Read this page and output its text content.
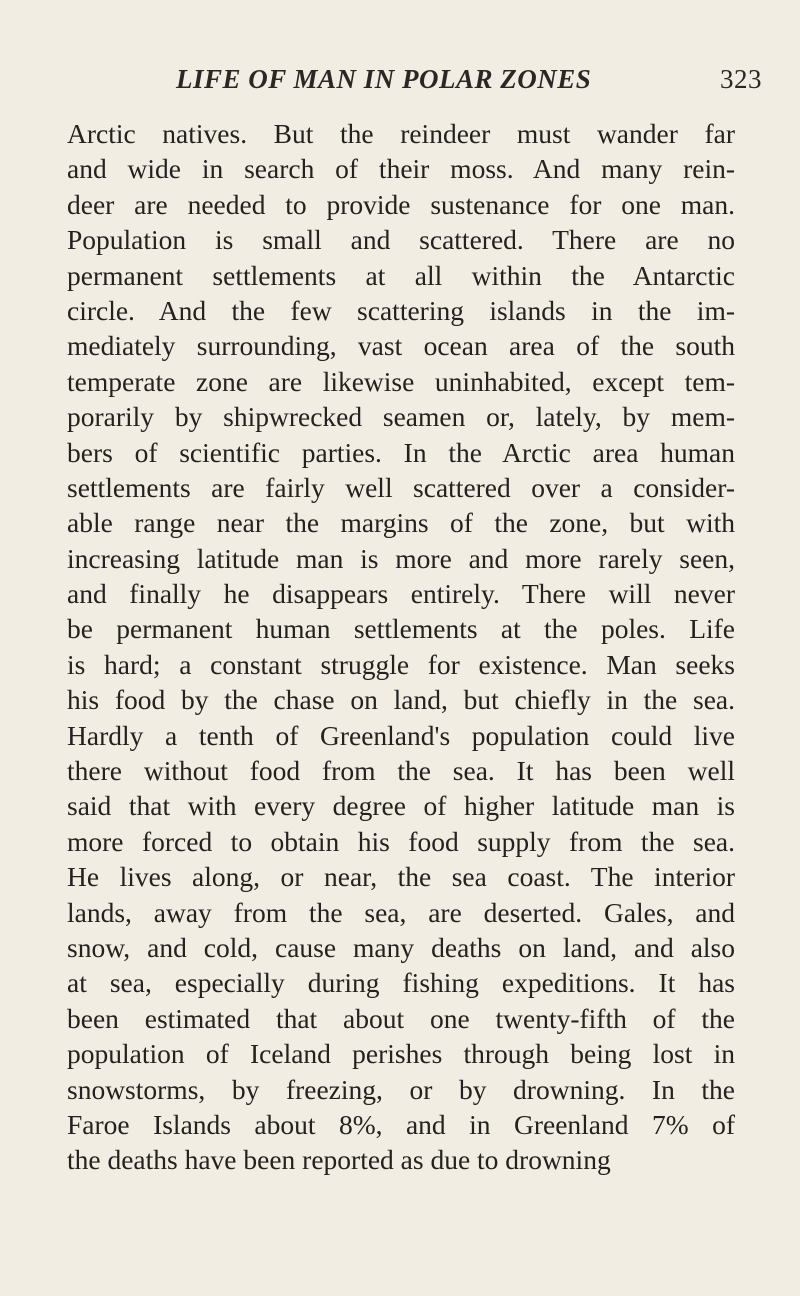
LIFE OF MAN IN POLAR ZONES	323
Arctic natives. But the reindeer must wander far
and wide in search of their moss. And many rein-
deer are needed to provide sustenance for one man.
Population is small and scattered. There are no
permanent settlements at all within the Antarctic
circle. And the few scattering islands in the im-
mediately surrounding, vast ocean area of the south
temperate zone are likewise uninhabited, except tem-
porarily by shipwrecked seamen or, lately, by mem-
bers of scientific parties. In the Arctic area human
settlements are fairly well scattered over a consider-
able range near the margins of the zone, but with
increasing latitude man is more and more rarely seen,
and finally he disappears entirely. There will never
be permanent human settlements at the poles. Life
is hard; a constant struggle for existence. Man seeks
his food by the chase on land, but chiefly in the sea.
Hardly a tenth of Greenland's population could live
there without food from the sea. It has been well
said that with every degree of higher latitude man is
more forced to obtain his food supply from the sea.
He lives along, or near, the sea coast. The interior
lands, away from the sea, are deserted. Gales, and
snow, and cold, cause many deaths on land, and also
at sea, especially during fishing expeditions. It has
been estimated that about one twenty-fifth of the
population of Iceland perishes through being lost in
snowstorms, by freezing, or by drowning. In the
Faroe Islands about 8%, and in Greenland 7% of
the deaths have been reported as due to drowning
